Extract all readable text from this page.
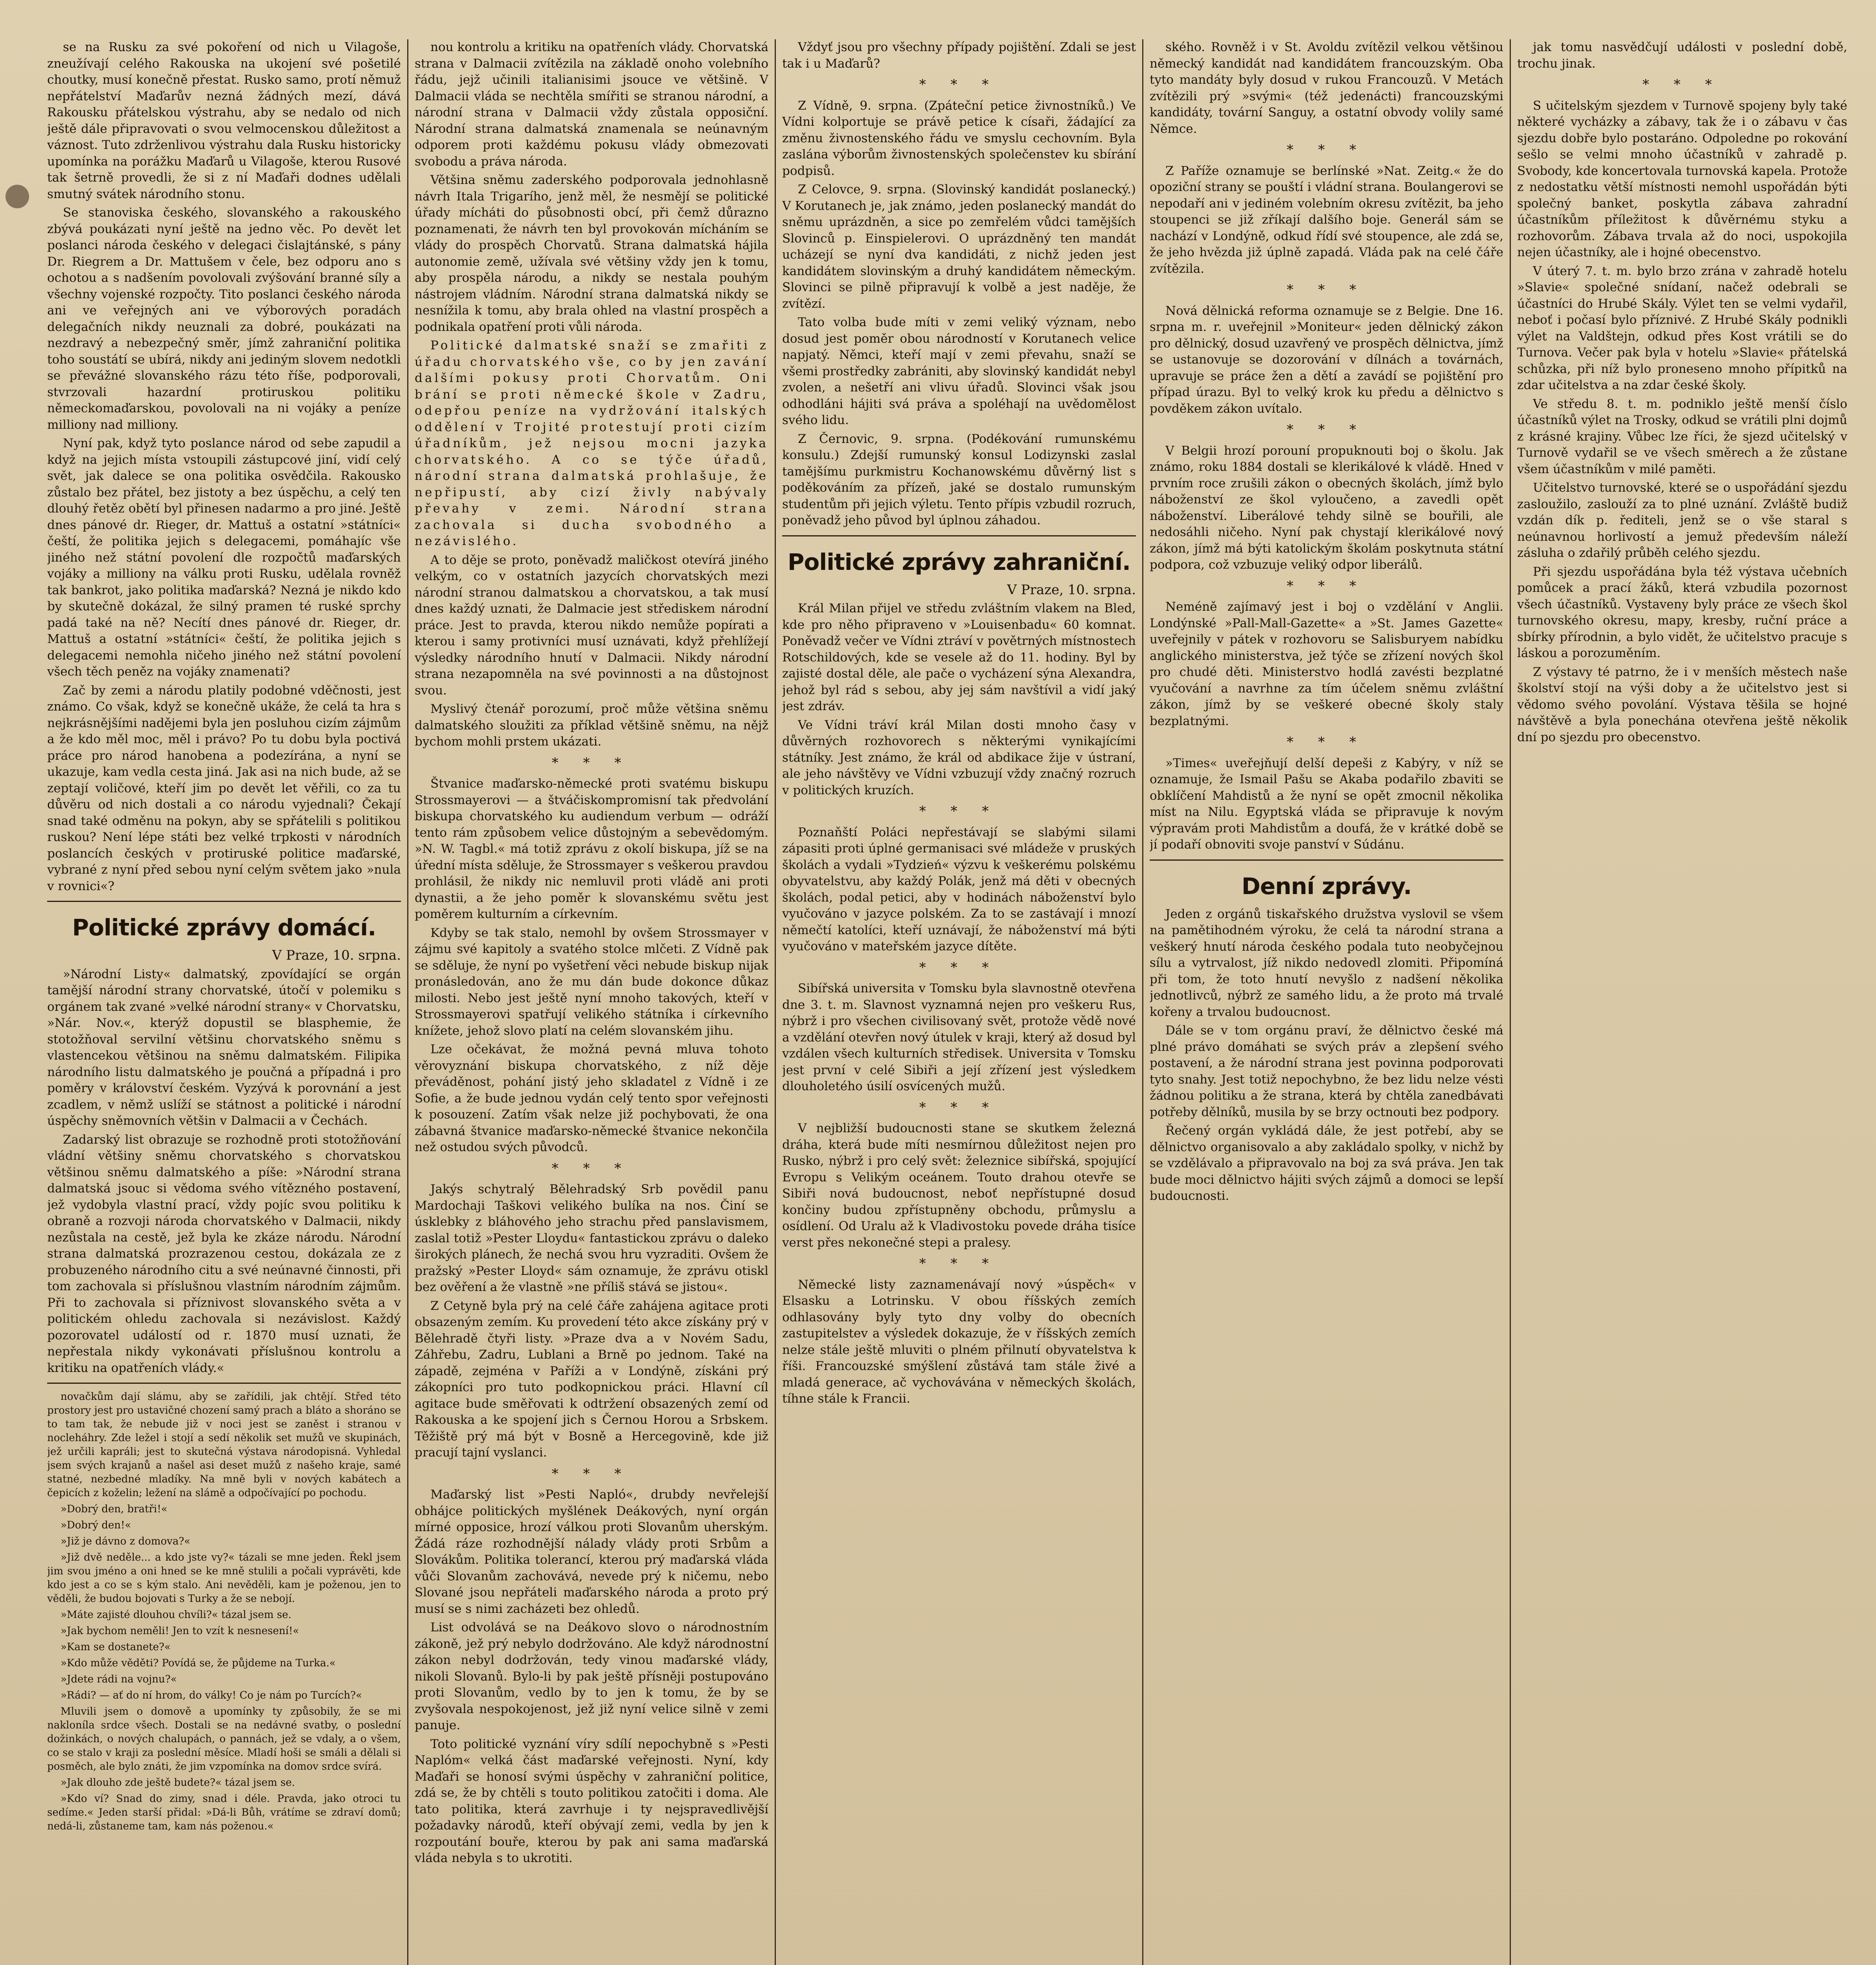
se na Rusku za své pokoření od nich u Vilagoše, zneužívají celého Rakouska na ukojení své pošetilé choutky, musí konečně přestat. Rusko samo, protí němuž nepřátelství Maďarův nezná žádných mezí, dává Rakousku přátelskou výstrahu, aby se nedalo od nich ještě dále připravovati o svou velmocenskou důležitost a váznost. Tuto zdrženlivou výstrahu dala Rusku historicky upomínka na porážku Maďarů u Vilagoše, kterou Rusové tak šetrně provedli, že si z ní Maďaři dodnes udělali smutný svátek národního stonu.

Se stanoviska českého, slovanského a rakouského zbývá poukázati nyní ještě na jedno věc. Po devět let poslanci národa českého v delegaci čislajtánské, s pány Dr. Riegrem a Dr. Mattušem v čele, bez odporu ano s ochotou a s nadšením povolovali zvýšování branné síly a všechny vojenské rozpočty. Tito poslanci českého národa ani ve veřejných ani ve výborových poradách delegačních nikdy neuznali za dobré, poukázati na nezdravý a nebezpečný směr, jímž zahraniční politika toho soustátí se ubírá, nikdy ani jediným slovem nedotkli se převážné slovanského rázu této říše, podporovali, stvrzovali hazardní protiruskou politiku německomaďarskou, povolovali na ni vojáky a peníze milliony nad milliony.

Nyní pak, když tyto poslance národ od sebe zapudil a když na jejich místa vstoupili zástupcové jiní, vidí celý svět, jak dalece se ona politika osvědčila. Rakousko zůstalo bez přátel, bez jistoty a bez úspěchu, a celý ten dlouhý řetěz obětí byl přinesen nadarmo a pro jiné. Ještě dnes pánové dr. Rieger, dr. Mattuš a ostatní »státníci« čeští, že politika jejich s delegacemi, pomáhajíc vše jiného než státní povolení dle rozpočtů maďarských vojáky a milliony na válku proti Rusku, udělala rovněž tak bankrot, jako politika maďarská? Nezná je nikdo kdo by skutečně dokázal, že silný pramen té ruské sprchy padá také na ně? Necítí dnes pánové dr. Rieger, dr. Mattuš a ostatní »státníci« čeští, že politika jejich s delegacemi nemohla ničeho jiného než státní povolení všech těch peněz na vojáky znamenati?

Zač by zemi a národu platily podobné vděčnosti, jest známo. Co však, když se konečně ukáže, že celá ta hra s nejkrásnějšími nadějemi byla jen posluhou cizím zájmům a že kdo měl moc, měl i právo? Po tu dobu byla poctivá práce pro národ hanobena a podezírána, a nyní se ukazuje, kam vedla cesta jiná. Jak asi na nich bude, až se zeptají voličové, kteří jim po devět let věřili, co za tu důvěru od nich dostali a co národu vyjednali? Čekají snad také odměnu na pokyn, aby se spřátelili s politikou ruskou? Není lépe státi bez velké trpkosti v národních poslancích českých v protiruské politice maďarské, vybrané z nyní před sebou nyní celým světem jako »nula v rovnici«?

Politické zprávy domácí.

V Praze, 10. srpna.

»Národní Listy« dalmatský, zpovídající se orgán tamější národní strany chorvatské, útočí v polemiku s orgánem tak zvané »velké národní strany« v Chorvatsku, »Nár. Nov.«, kterýž dopustil se blasphemie, že stotožňoval servilní většinu chorvatského sněmu s vlastencekou většinou na sněmu dalmatském. Filipika národního listu dalmatského je poučná a případná i pro poměry v království českém. Vyzývá k porovnání a jest zcadlem, v němž uslíží se státnost a politické i národní úspěchy sněmovních většin v Dalmacii a v Čechách.

Zadarský list obrazuje se rozhodně proti stotožňování vládní většiny sněmu chorvatského s chorvatskou většinou sněmu dalmatského a píše: »Národní strana dalmatská jsouc si vědoma svého vítězného postavení, jež vydobyla vlastní prací, vždy pojíc svou politiku k obraně a rozvoji národa chorvatského v Dalmacii, nikdy nezůstala na cestě, jež byla ke zkáze národu. Národní strana dalmatská prozrazenou cestou, dokázala ze z probuzeného národního citu a své neúnavné činnosti, při tom zachovala si příslušnou vlastním národním zájmům. Při to zachovala si příznivost slovanského světa a v politickém ohledu zachovala si nezávislost. Každý pozorovatel událostí od r. 1870 musí uznati, že nepřestala nikdy vykonávati příslušnou kontrolu a kritiku na opatřeních vlády.«

novačkům dají slámu, aby se zařídili, jak chtějí. Střed této prostory jest pro ustavičné chození samý prach a bláto a shoráno se to tam tak, že nebude již v noci jest se zaněst i stranou v nocleháhry. Zde ležel i stojí a sedí několik set mužů ve skupinách, jež určili kapráli; jest to skutečná výstava národopisná. Vyhledal jsem svých krajanů a našel asi deset mužů z našeho kraje, samé statné, nezbedné mladíky. Na mně byli v nových kabátech a čepicích z koželin; ležení na slámě a odpočívající po pochodu.

»Dobrý den, bratři!«

»Dobrý den!«

»Již je dávno z domova?«

»Již dvě neděle... a kdo jste vy?« tázali se mne jeden. Řekl jsem jim svou jméno a oni hned se ke mně stulili a počali vyprávěti, kde kdo jest a co se s kým stalo. Ani nevěděli, kam je poženou, jen to věděli, že budou bojovati s Turky a že se nebojí.

»Máte zajisté dlouhou chvíli?« tázal jsem se.

»Jak bychom neměli! Jen to vzít k nesnesení!«

»Kam se dostanete?«

»Kdo může věděti? Povídá se, že půjdeme na Turka.«

»Jdete rádi na vojnu?«

»Rádi? — ať do ní hrom, do války! Co je nám po Turcích?«

Mluvili jsem o domově a upomínky ty způsobily, že se mi nakloníla srdce všech. Dostali se na nedávné svatby, o poslední dožinkách, o nových chalupách, o pannách, jež se vdaly, a o všem, co se stalo v kraji za poslední měsíce. Mladí hoši se smáli a dělali si posměch, ale bylo znáti, že jim vzpomínka na domov srdce svírá.

»Jak dlouho zde ještě budete?« tázal jsem se.

»Kdo ví? Snad do zimy, snad i déle. Pravda, jako otroci tu sedíme.« Jeden starší přidal: »Dá-li Bůh, vrátíme se zdraví domů; nedá-li, zůstaneme tam, kam nás poženou.«

nou kontrolu a kritiku na opatřeních vlády. Chorvatská strana v Dalmacii zvítězila na základě onoho volebního řádu, jejž učinili italianisimi jsouce ve většině. V Dalmacii vláda se nechtěla smířiti se stranou národní, a národní strana v Dalmacii vždy zůstala opposiční. Národní strana dalmatská znamenala se neúnavným odporem proti každému pokusu vlády obmezovati svobodu a práva národa.

Většina sněmu zaderského podporovala jednohlasně návrh Itala Trigarího, jenž měl, že nesmějí se politické úřady mícháti do působnosti obcí, při čemž důrazno poznamenati, že návrh ten byl provokován mícháním se vlády do prospěch Chorvatů. Strana dalmatská hájila autonomie země, užívala své většiny vždy jen k tomu, aby prospěla národu, a nikdy se nestala pouhým nástrojem vládním. Národní strana dalmatská nikdy se nesnížila k tomu, aby brala ohled na vlastní prospěch a podnikala opatření proti vůli národa.

Politické dalmatské snaží se zmařiti z úřadu chorvatského vše, co by jen zavání dalšími pokusy proti Chorvatům. Oni brání se proti německé škole v Zadru, odepřou peníze na vydržování italských oddělení v Trojité protestují proti cizím úřadníkům, jež nejsou mocni jazyka chorvatského. A co se týče úřadů, národní strana dalmatská prohlašuje, že nepřipustí, aby cizí živly nabývaly převahy v zemi. Národní strana zachovala si ducha svobodného a nezávislého.

A to děje se proto, poněvadž maličkost otevírá jiného velkým, co v ostatních jazycích chorvatských mezi národní stranou dalmatskou a chorvatskou, a tak musí dnes každý uznati, že Dalmacie jest střediskem národní práce. Jest to pravda, kterou nikdo nemůže popírati a kterou i samy protivníci musí uznávati, když přehlížejí výsledky národního hnutí v Dalmacii. Nikdy národní strana nezapomněla na své povinnosti a na důstojnost svou.

Myslivý čtenář porozumí, proč může většina sněmu dalmatského sloužiti za příklad většině sněmu, na nějž bychom mohli prstem ukázati.

* * *

Štvanice maďarsko-německé proti svatému biskupu Strossmayerovi — a štváčiskompromisní tak předvolání biskupa chorvatského ku audiendum verbum — odráží tento rám způsobem velice důstojným a sebevědomým. »N. W. Tagbl.« má totiž zprávu z okolí biskupa, jíž se na úřední místa sděluje, že Strossmayer s veškerou pravdou prohlásil, že nikdy nic nemluvil proti vládě ani proti dynastii, a že jeho poměr k slovanskému světu jest poměrem kulturním a církevním.

Kdyby se tak stalo, nemohl by ovšem Strossmayer v zájmu své kapitoly a svatého stolce mlčeti. Z Vídně pak se sděluje, že nyní po vyšetření věci nebude biskup nijak pronásledován, ano že mu dán bude dokonce důkaz milosti. Nebo jest ještě nyní mnoho takových, kteří v Strossmayerovi spatřují velikého státníka i církevního knížete, jehož slovo platí na celém slovanském jihu.

Lze očekávat, že možná pevná mluva tohoto věrovyznání biskupa chorvatského, z níž děje převáděnost, pohání jistý jeho skladatel z Vídně i ze Sofie, a že bude jednou vydán celý tento spor veřejnosti k posouzení. Zatím však nelze již pochybovati, že ona zábavná štvanice maďarsko-německé štvanice nekončila než ostudou svých původců.

* * *

Jakýs schytralý Bělehradský Srb povědil panu Mardochaji Taškovi velikého bulíka na nos. Činí se úsklebky z bláhového jeho strachu před panslavismem, zaslal totiž »Pester Lloydu« fantastickou zprávu o daleko širokých plánech, že nechá svou hru vyzraditi. Ovšem že pražský »Pester Lloyd« sám oznamuje, že zprávu otiskl bez ověření a že vlastně »ne příliš stává se jistou«.

Z Cetyně byla prý na celé čáře zahájena agitace proti obsazeným zemím. Ku provedení této akce získány prý v Bělehradě čtyři listy. »Praze dva a v Novém Sadu, Záhřebu, Zadru, Lublani a Brně po jednom. Také na západě, zejména v Paříži a v Londýně, získáni prý zákopníci pro tuto podkopnickou práci. Hlavní cíl agitace bude směřovati k odtržení obsazených zemí od Rakouska a ke spojení jich s Černou Horou a Srbskem. Těžiště prý má být v Bosně a Hercegovině, kde již pracují tajní vyslanci.

* * *

Maďarský list »Pesti Napló«, drubdy nevřelejší obhájce politických myšlének Deákových, nyní orgán mírné opposice, hrozí válkou proti Slovanům uherským. Žádá ráze rozhodnější nálady vlády proti Srbům a Slovákům. Politika tolerancí, kterou prý maďarská vláda vůči Slovanům zachovává, nevede prý k ničemu, nebo Slované jsou nepřáteli maďarského národa a proto prý musí se s nimi zacházeti bez ohledů.

List odvolává se na Deákovo slovo o národnostním zákoně, jež prý nebylo dodržováno. Ale když národnostní zákon nebyl dodržován, tedy vinou maďarské vlády, nikoli Slovanů. Bylo-li by pak ještě přísněji postupováno proti Slovanům, vedlo by to jen k tomu, že by se zvyšovala nespokojenost, jež již nyní velice silně v zemi panuje.

Toto politické vyznání víry sdílí nepochybně s »Pesti Naplóm« velká část maďarské veřejnosti. Nyní, kdy Maďaři se honosí svými úspěchy v zahraniční politice, zdá se, že by chtěli s touto politikou zatočiti i doma. Ale tato politika, která zavrhuje i ty nejspravedlivější požadavky národů, kteří obývají zemi, vedla by jen k rozpoutání bouře, kterou by pak ani sama maďarská vláda nebyla s to ukrotiti.

Vždyť jsou pro všechny případy pojištění. Zdali se jest tak i u Maďarů?

* * *

Z Vídně, 9. srpna. (Zpáteční petice živnostníků.) Ve Vídni kolportuje se právě petice k císaři, žádající za změnu živnostenského řádu ve smyslu cechovním. Byla zaslána výborům živnostenských společenstev ku sbírání podpisů.

Z Celovce, 9. srpna. (Slovinský kandidát poslanecký.) V Korutanech je, jak známo, jeden poslanecký mandát do sněmu uprázdněn, a sice po zemřelém vůdci tamějších Slovinců p. Einspielerovi. O uprázdněný ten mandát ucházejí se nyní dva kandidáti, z nichž jeden jest kandidátem slovinským a druhý kandidátem německým. Slovinci se pilně připravují k volbě a jest naděje, že zvítězí.

Tato volba bude míti v zemi veliký význam, nebo dosud jest poměr obou národností v Korutanech velice napjatý. Němci, kteří mají v zemi převahu, snaží se všemi prostředky zabrániti, aby slovinský kandidát nebyl zvolen, a nešetří ani vlivu úřadů. Slovinci však jsou odhodláni hájiti svá práva a spoléhají na uvědomělost svého lidu.

Z Černovic, 9. srpna. (Podékování rumunskému konsulu.) Zdejší rumunský konsul Lodizynski zaslal tamějšímu purkmistru Kochanowskému důvěrný list s poděkováním za přízeň, jaké se dostalo rumunským studentům při jejich výletu. Tento přípis vzbudil rozruch, poněvadž jeho původ byl úplnou záhadou.

Politické zprávy zahraniční.

V Praze, 10. srpna.

Král Milan přijel ve středu zvláštním vlakem na Bled, kde pro něho připraveno v »Louisenbadu« 60 komnat. Poněvadž večer ve Vídni ztráví v povětrných místnostech Rotschildových, kde se vesele až do 11. hodiny. Byl by zajisté dostal děle, ale pače o vycházení sýna Alexandra, jehož byl rád s sebou, aby jej sám navštívil a vidí jaký jest zdráv.

Ve Vídni tráví král Milan dosti mnoho časy v důvěrných rozhovorech s některými vynikajícími státníky. Jest známo, že král od abdikace žije v ústraní, ale jeho návštěvy ve Vídni vzbuzují vždy značný rozruch v politických kruzích.

* * *

Poznaňští Poláci nepřestávají se slabými silami zápasiti proti úplné germanisaci své mládeže v pruských školách a vydali »Tydzień« výzvu k veškerému polskému obyvatelstvu, aby každý Polák, jenž má děti v obecných školách, podal petici, aby v hodinách náboženství bylo vyučováno v jazyce polském. Za to se zastávají i mnozí němečtí katolíci, kteří uznávají, že náboženství má býti vyučováno v mateřském jazyce dítěte.

* * *

Sibířská universita v Tomsku byla slavnostně otevřena dne 3. t. m. Slavnost vyznamná nejen pro veškeru Rus, nýbrž i pro všechen civilisovaný svět, protože vědě nové a vzdělání otevřen nový útulek v kraji, který až dosud byl vzdálen všech kulturních středisek. Universita v Tomsku jest první v celé Sibiři a její zřízení jest výsledkem dlouholetého úsilí osvícených mužů.

* * *

V nejbližší budoucnosti stane se skutkem železná dráha, která bude míti nesmírnou důležitost nejen pro Rusko, nýbrž i pro celý svět: železnice sibířská, spojující Evropu s Velikým oceánem. Touto drahou otevře se Sibiři nová budoucnost, neboť nepřístupné dosud končiny budou zpřístupněny obchodu, průmyslu a osídlení. Od Uralu až k Vladivostoku povede dráha tisíce verst přes nekonečné stepi a pralesy.

* * *

Německé listy zaznamenávají nový »úspěch« v Elsasku a Lotrinsku. V obou říšských zemích odhlasovány byly tyto dny volby do obecních zastupitelstev a výsledek dokazuje, že v říšských zemích nelze stále ještě mluviti o plném přilnutí obyvatelstva k říši. Francouzské smýšlení zůstává tam stále živé a mladá generace, ač vychovávána v německých školách, tíhne stále k Francii.

ského. Rovněž i v St. Avoldu zvítězil velkou většinou německý kandidát nad kandidátem francouzským. Oba tyto mandáty byly dosud v rukou Francouzů. V Metách zvítězili prý »svými« (též jedenácti) francouzskými kandidáty, tovární Sanguy, a ostatní obvody volily samé Němce.

* * *

Z Paříže oznamuje se berlínské »Nat. Zeitg.« že do opoziční strany se pouští i vládní strana. Boulangerovi se nepodaří ani v jediném volebním okresu zvítězit, ba jeho stoupenci se již zříkají dalšího boje. Generál sám se nachází v Londýně, odkud řídí své stoupence, ale zdá se, že jeho hvězda již úplně zapadá. Vláda pak na celé čáře zvítězila.

* * *

Nová dělnická reforma oznamuje se z Belgie. Dne 16. srpna m. r. uveřejnil »Moniteur« jeden dělnický zákon pro dělnický, dosud uzavřený ve prospěch dělnictva, jímž se ustanovuje se dozorování v dílnách a továrnách, upravuje se práce žen a dětí a zavádí se pojištění pro případ úrazu. Byl to velký krok ku předu a dělnictvo s povděkem zákon uvítalo.

* * *

V Belgii hrozí porouní propuknouti boj o školu. Jak známo, roku 1884 dostali se klerikálové k vládě. Hned v prvním roce zrušili zákon o obecných školách, jímž bylo náboženství ze škol vyloučeno, a zavedli opět náboženství. Liberálové tehdy silně se bouřili, ale nedosáhli ničeho. Nyní pak chystají klerikálové nový zákon, jímž má býti katolickým školám poskytnuta státní podpora, což vzbuzuje veliký odpor liberálů.

* * *

Neméně zajímavý jest i boj o vzdělání v Anglii. Londýnské »Pall-Mall-Gazette« a »St. James Gazette« uveřejnily v pátek v rozhovoru se Salisburyem nabídku anglického ministerstva, jež týče se zřízení nových škol pro chudé děti. Ministerstvo hodlá zavésti bezplatné vyučování a navrhne za tím účelem sněmu zvláštní zákon, jímž by se veškeré obecné školy staly bezplatnými.

* * *

»Times« uveřejňují delší depeši z Kabýry, v níž se oznamuje, že Ismail Pašu se Akaba podařilo zbaviti se obklíčení Mahdistů a že nyní se opět zmocnil několika míst na Nilu. Egyptská vláda se připravuje k novým výpravám proti Mahdistům a doufá, že v krátké době se jí podaří obnoviti svoje panství v Súdánu.

Denní zprávy.

Jeden z orgánů tiskařského družstva vyslovil se všem na pamětihodném výroku, že celá ta národní strana a veškerý hnutí národa českého podala tuto neobyčejnou sílu a vytrvalost, jíž nikdo nedovedl zlomiti. Připomíná při tom, že toto hnutí nevyšlo z nadšení několika jednotlivců, nýbrž ze samého lidu, a že proto má trvalé kořeny a trvalou budoucnost.

Dále se v tom orgánu praví, že dělnictvo české má plné právo domáhati se svých práv a zlepšení svého postavení, a že národní strana jest povinna podporovati tyto snahy. Jest totiž nepochybno, že bez lidu nelze vésti žádnou politiku a že strana, která by chtěla zanedbávati potřeby dělníků, musila by se brzy octnouti bez podpory.

Řečený orgán vykládá dále, že jest potřebí, aby se dělnictvo organisovalo a aby zakládalo spolky, v nichž by se vzdělávalo a připravovalo na boj za svá práva. Jen tak bude moci dělnictvo hájiti svých zájmů a domoci se lepší budoucnosti.

jak tomu nasvědčují události v poslední době, trochu jinak.

* * *

S učitelským sjezdem v Turnově spojeny byly také některé vycházky a zábavy, tak že i o zábavu v čas sjezdu dobře bylo postaráno. Odpoledne po rokování sešlo se velmi mnoho účastníků v zahradě p. Svobody, kde koncertovala turnovská kapela. Protože z nedostatku větší místnosti nemohl uspořádán býti společný banket, poskytla zábava zahradní účastníkům příležitost k důvěrnému styku a rozhovorům. Zábava trvala až do noci, uspokojila nejen účastníky, ale i hojné obecenstvo.

V úterý 7. t. m. bylo brzo zrána v zahradě hotelu »Slavie« společné snídaní, načež odebrali se účastníci do Hrubé Skály. Výlet ten se velmi vydařil, neboť i počasí bylo příznivé. Z Hrubé Skály podnikli výlet na Valdštejn, odkud přes Kost vrátili se do Turnova. Večer pak byla v hotelu »Slavie« přátelská schůzka, při níž bylo proneseno mnoho přípitků na zdar učitelstva a na zdar české školy.

Ve středu 8. t. m. podniklo ještě menší číslo účastníků výlet na Trosky, odkud se vrátili plni dojmů z krásné krajiny. Vůbec lze říci, že sjezd učitelský v Turnově vydařil se ve všech směrech a že zůstane všem účastníkům v milé paměti.

Učitelstvo turnovské, které se o uspořádání sjezdu zasloužilo, zaslouží za to plné uznání. Zvláště budiž vzdán dík p. řediteli, jenž se o vše staral s neúnavnou horlivostí a jemuž především náleží zásluha o zdařilý průběh celého sjezdu.

Při sjezdu uspořádána byla též výstava učebních pomůcek a prací žáků, která vzbudila pozornost všech účastníků. Vystaveny byly práce ze všech škol turnovského okresu, mapy, kresby, ruční práce a sbírky přírodnin, a bylo vidět, že učitelstvo pracuje s láskou a porozuměním.

Z výstavy té patrno, že i v menších městech naše školství stojí na výši doby a že učitelstvo jest si vědomo svého povolání. Výstava těšila se hojné návštěvě a byla ponechána otevřena ještě několik dní po sjezdu pro obecenstvo.
